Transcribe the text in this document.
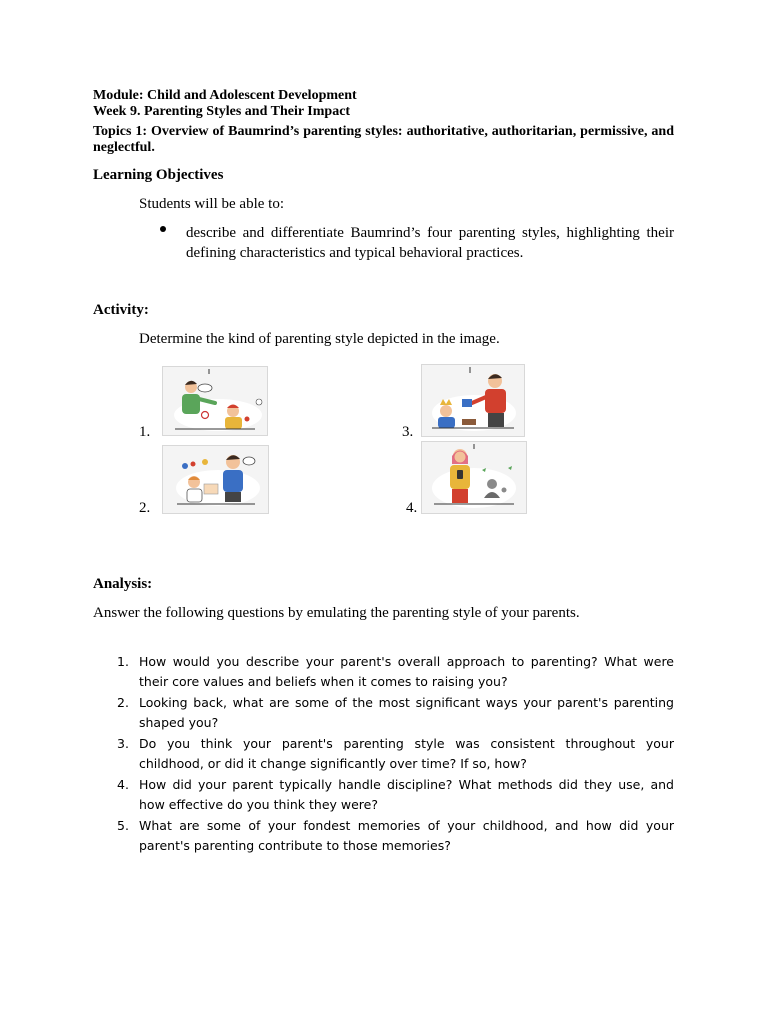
Module: Child and Adolescent Development
Week 9. Parenting Styles and Their Impact
Topics 1: Overview of Baumrind’s parenting styles: authoritative, authoritarian, permissive, and neglectful.
Learning Objectives
Students will be able to:
describe and differentiate Baumrind’s four parenting styles, highlighting their defining characteristics and typical behavioral practices.
Activity:
Determine the kind of parenting style depicted in the image.
1.
2.
3.
4.
Analysis:
Answer the following questions by emulating the parenting style of your parents.
1. How would you describe your parent's overall approach to parenting? What were their core values and beliefs when it comes to raising you?
2. Looking back, what are some of the most significant ways your parent's parenting shaped you?
3. Do you think your parent's parenting style was consistent throughout your childhood, or did it change significantly over time? If so, how?
4. How did your parent typically handle discipline? What methods did they use, and how effective do you think they were?
5. What are some of your fondest memories of your childhood, and how did your parent's parenting contribute to those memories?
